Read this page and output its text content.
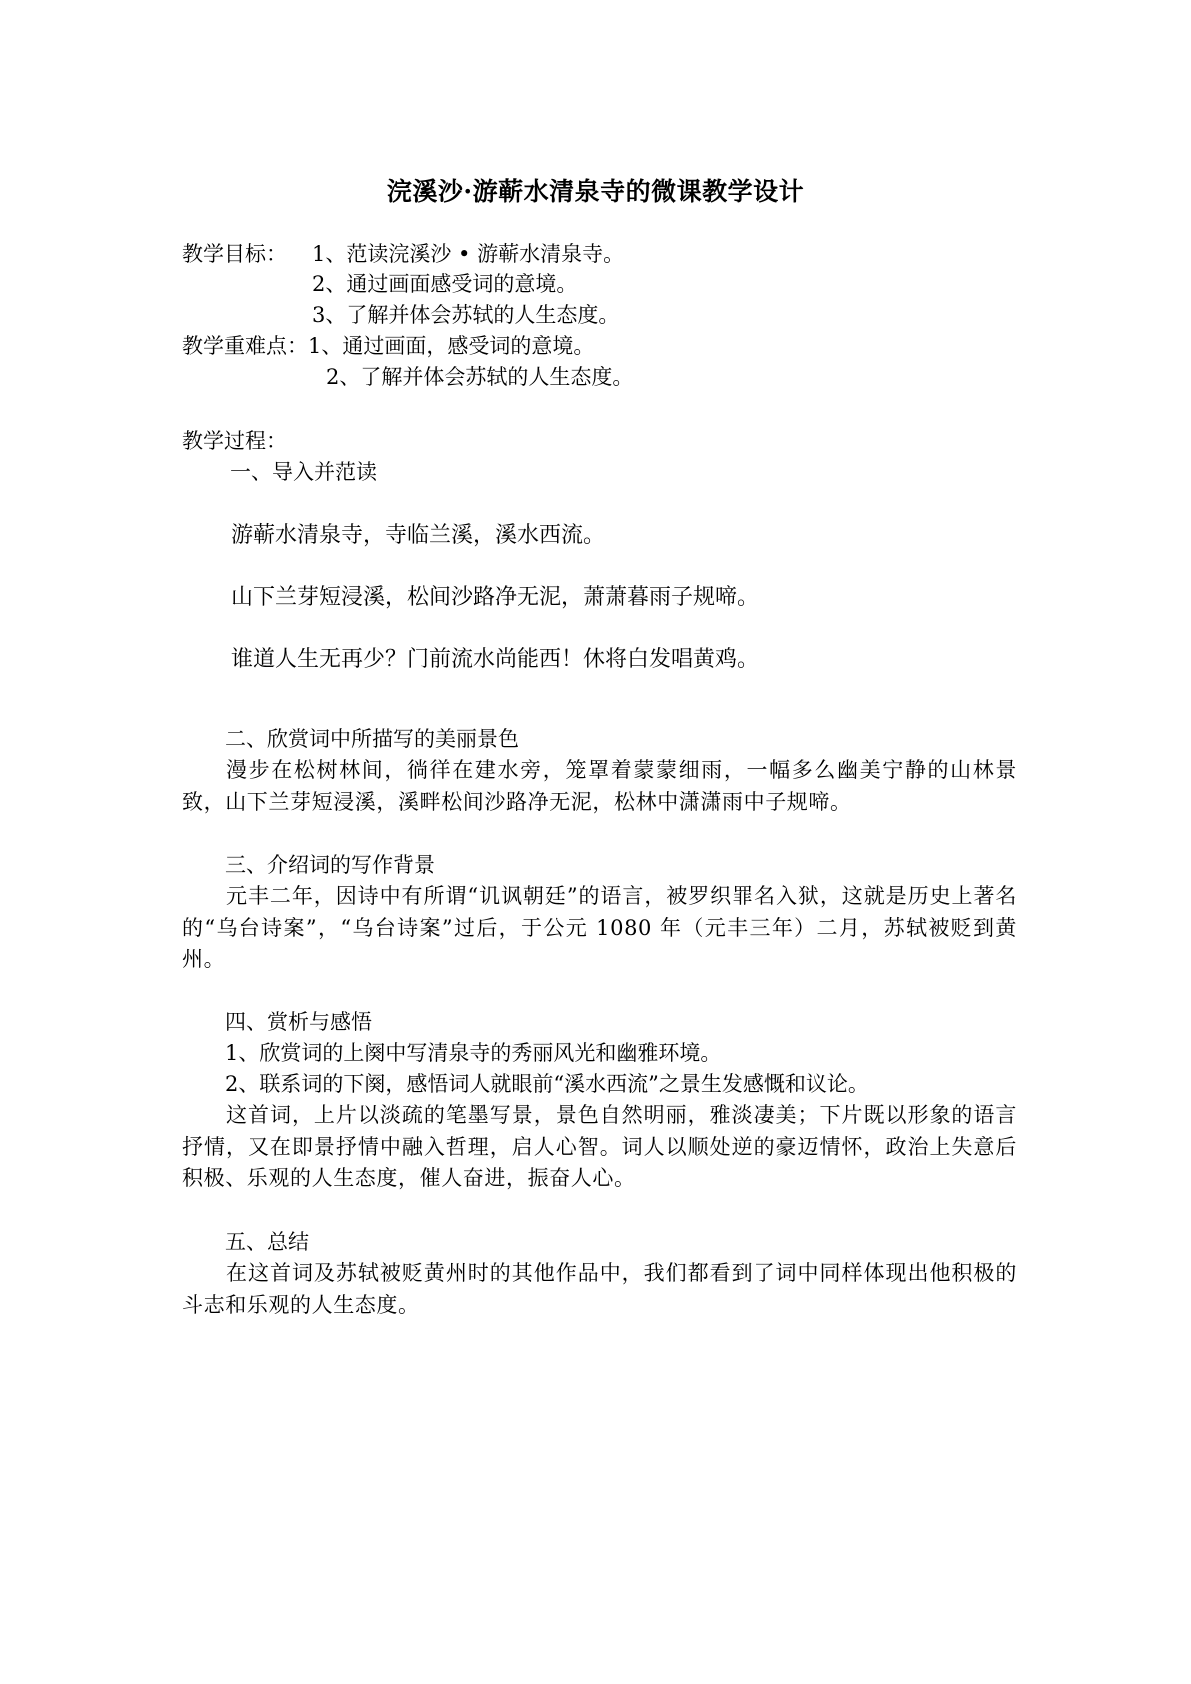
浣溪沙·游蕲水清泉寺的微课教学设计
教学目标： 1、范读浣溪沙 • 游蕲水清泉寺。
2、通过画面感受词的意境。
3、了解并体会苏轼的人生态度。
教学重难点： 1、通过画面，感受词的意境。
2、了解并体会苏轼的人生态度。
教学过程：
一、导入并范读
游蕲水清泉寺，寺临兰溪，溪水西流。
山下兰芽短浸溪，松间沙路净无泥，萧萧暮雨子规啼。
谁道人生无再少？门前流水尚能西！休将白发唱黄鸡。
二、欣赏词中所描写的美丽景色
漫步在松树林间，徜徉在建水旁，笼罩着蒙蒙细雨，一幅多么幽美宁静的山林景致，山下兰芽短浸溪，溪畔松间沙路净无泥，松林中潇潇雨中子规啼。
三、介绍词的写作背景
元丰二年，因诗中有所谓“讥讽朝廷”的语言，被罗织罪名入狱，这就是历史上著名的“乌台诗案”，“乌台诗案”过后，于公元 1080 年（元丰三年）二月，苏轼被贬到黄州。
四、赏析与感悟
1、欣赏词的上阕中写清泉寺的秀丽风光和幽雅环境。
2、联系词的下阕，感悟词人就眼前“溪水西流”之景生发感慨和议论。
这首词，上片以淡疏的笔墨写景，景色自然明丽，雅淡凄美；下片既以形象的语言抒情，又在即景抒情中融入哲理，启人心智。词人以顺处逆的豪迈情怀，政治上失意后积极、乐观的人生态度，催人奋进，振奋人心。
五、总结
在这首词及苏轼被贬黄州时的其他作品中，我们都看到了词中同样体现出他积极的斗志和乐观的人生态度。
